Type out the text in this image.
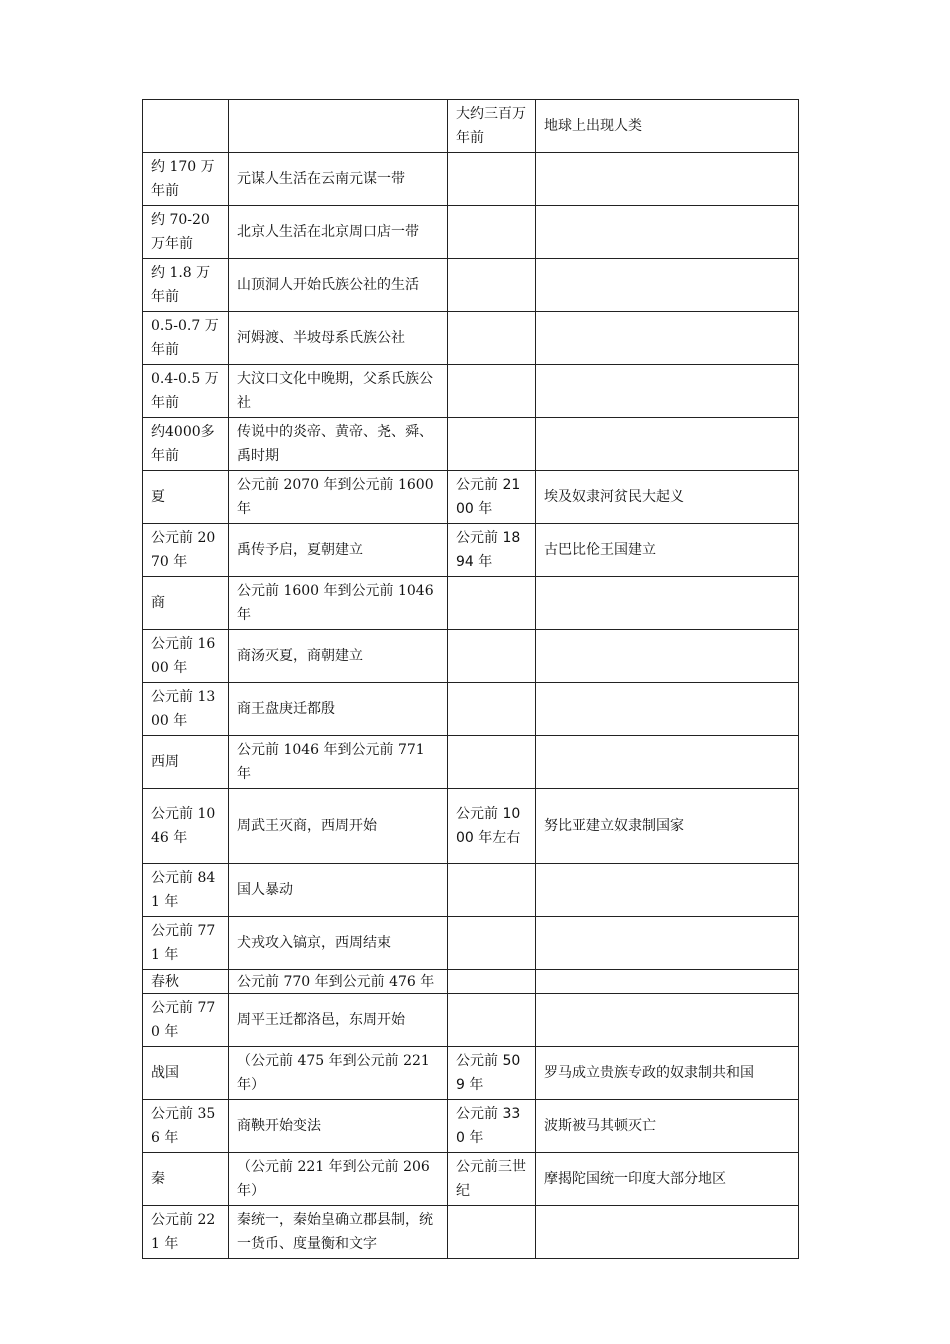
		大约三百万年前	地球上出现人类
约 170 万年前	元谋人生活在云南元谋一带		
约 70-20 万年前	北京人生活在北京周口店一带		
约 1.8 万年前	山顶洞人开始氏族公社的生活		
0.5-0.7 万年前	河姆渡、半坡母系氏族公社		
0.4-0.5 万年前	大汶口文化中晚期，父系氏族公社		
约4000多年前	传说中的炎帝、黄帝、尧、舜、禹时期		
夏	公元前 2070 年到公元前 1600 年	公元前 2100 年	埃及奴隶河贫民大起义
公元前 2070 年	禹传予启，夏朝建立	公元前 1894 年	古巴比伦王国建立
商	公元前 1600 年到公元前 1046 年		
公元前 1600 年	商汤灭夏，商朝建立		
公元前 1300 年	商王盘庚迁都殷		
西周	公元前 1046 年到公元前 771 年		
公元前 1046 年	周武王灭商，西周开始	公元前 1000 年左右	努比亚建立奴隶制国家
公元前 841 年	国人暴动		
公元前 771 年	犬戎攻入镐京，西周结束		
春秋	公元前 770 年到公元前 476 年		
公元前 770 年	周平王迁都洛邑，东周开始		
战国	（公元前 475 年到公元前 221 年）	公元前 509 年	罗马成立贵族专政的奴隶制共和国
公元前 356 年	商鞅开始变法	公元前 330 年	波斯被马其顿灭亡
秦	（公元前 221 年到公元前 206 年）	公元前三世纪	摩揭陀国统一印度大部分地区
公元前 221 年	秦统一，秦始皇确立郡县制，统一货币、度量衡和文字		
